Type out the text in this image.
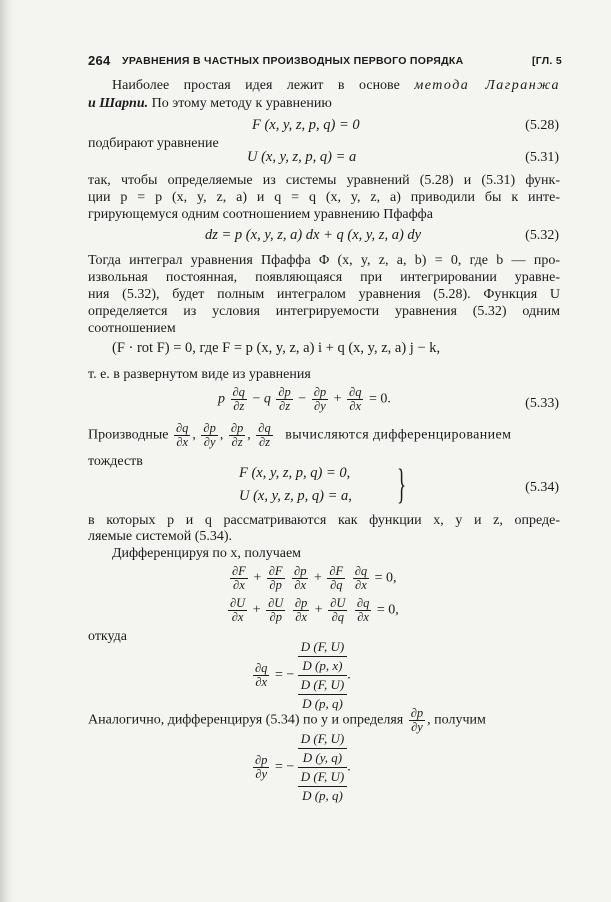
264 УРАВНЕНИЯ В ЧАСТНЫХ ПРОИЗВОДНЫХ ПЕРВОГО ПОРЯДКА	[ГЛ. 5
Наиболее простая идея лежит в основе метода Лагранжа
и Шарпи. По этому методу к уравнению
F (x, y, z, p, q) = 0	(5.28)
подбирают уравнение
U (x, y, z, p, q) = a	(5.31)
так, чтобы определяемые из системы уравнений (5.28) и (5.31) функ-
ции p = p (x, y, z, a) и q = q (x, y, z, a) приводили бы к инте-
грирующемуся одним соотношением уравнению Пфаффа
dz = p (x, y, z, a) dx + q (x, y, z, a) dy	(5.32)
Тогда интеграл уравнения Пфаффа Φ (x, y, z, a, b) = 0, где b — про-
извольная постоянная, появляющаяся при интегрировании уравне-
ния (5.32), будет полным интегралом уравнения (5.28). Функция U
определяется из условия интегрируемости уравнения (5.32) одним
соотношением
(F · rot F) = 0, где F = p (x, y, z, a) i + q (x, y, z, a) j − k,
т. е. в развернутом виде из уравнения
p $\frac{\partial q}{\partial z} - q \frac{\partial p}{\partial z} - \frac{\partial p}{\partial y} + \frac{\partial q}{\partial x} = 0$.	(5.33)
Производные $\frac{\partial q}{\partial x}$ , $\frac{\partial p}{\partial y}$ , $\frac{\partial p}{\partial z}$ , $\frac{\partial q}{\partial z}$ вычисляются дифференцированием
тождеств
F (x, y, z, p, q) = 0,
U (x, y, z, p, q) = a, }	(5.34)
в которых p и q рассматриваются как функции x, y и z, опреде-
ляемые системой (5.34).
Дифференцируя по x, получаем
$\frac{\partial F}{\partial x} + \frac{\partial F}{\partial p}$
$\frac{\partial p}{\partial x} + \frac{\partial F}{\partial q}$
$\frac{\partial q}{\partial x} = 0$,
$\frac{\partial U}{\partial x} + \frac{\partial U}{\partial p}$
$\frac{\partial p}{\partial x} + \frac{\partial U}{\partial q}$
$\frac{\partial q}{\partial x} = 0$,
откуда
$\frac{\partial q}{\partial x}$ = − D (F, U)
D (p, x)
D (F, U)
D (p, q) .
Аналогично, дифференцируя (5.34) по y и определяя $\frac{\partial p}{\partial y}$ , получим
$\frac{\partial p}{\partial y}$ = − D (F, U)
D (y, q)
D (F, U)
D (p, q) .
